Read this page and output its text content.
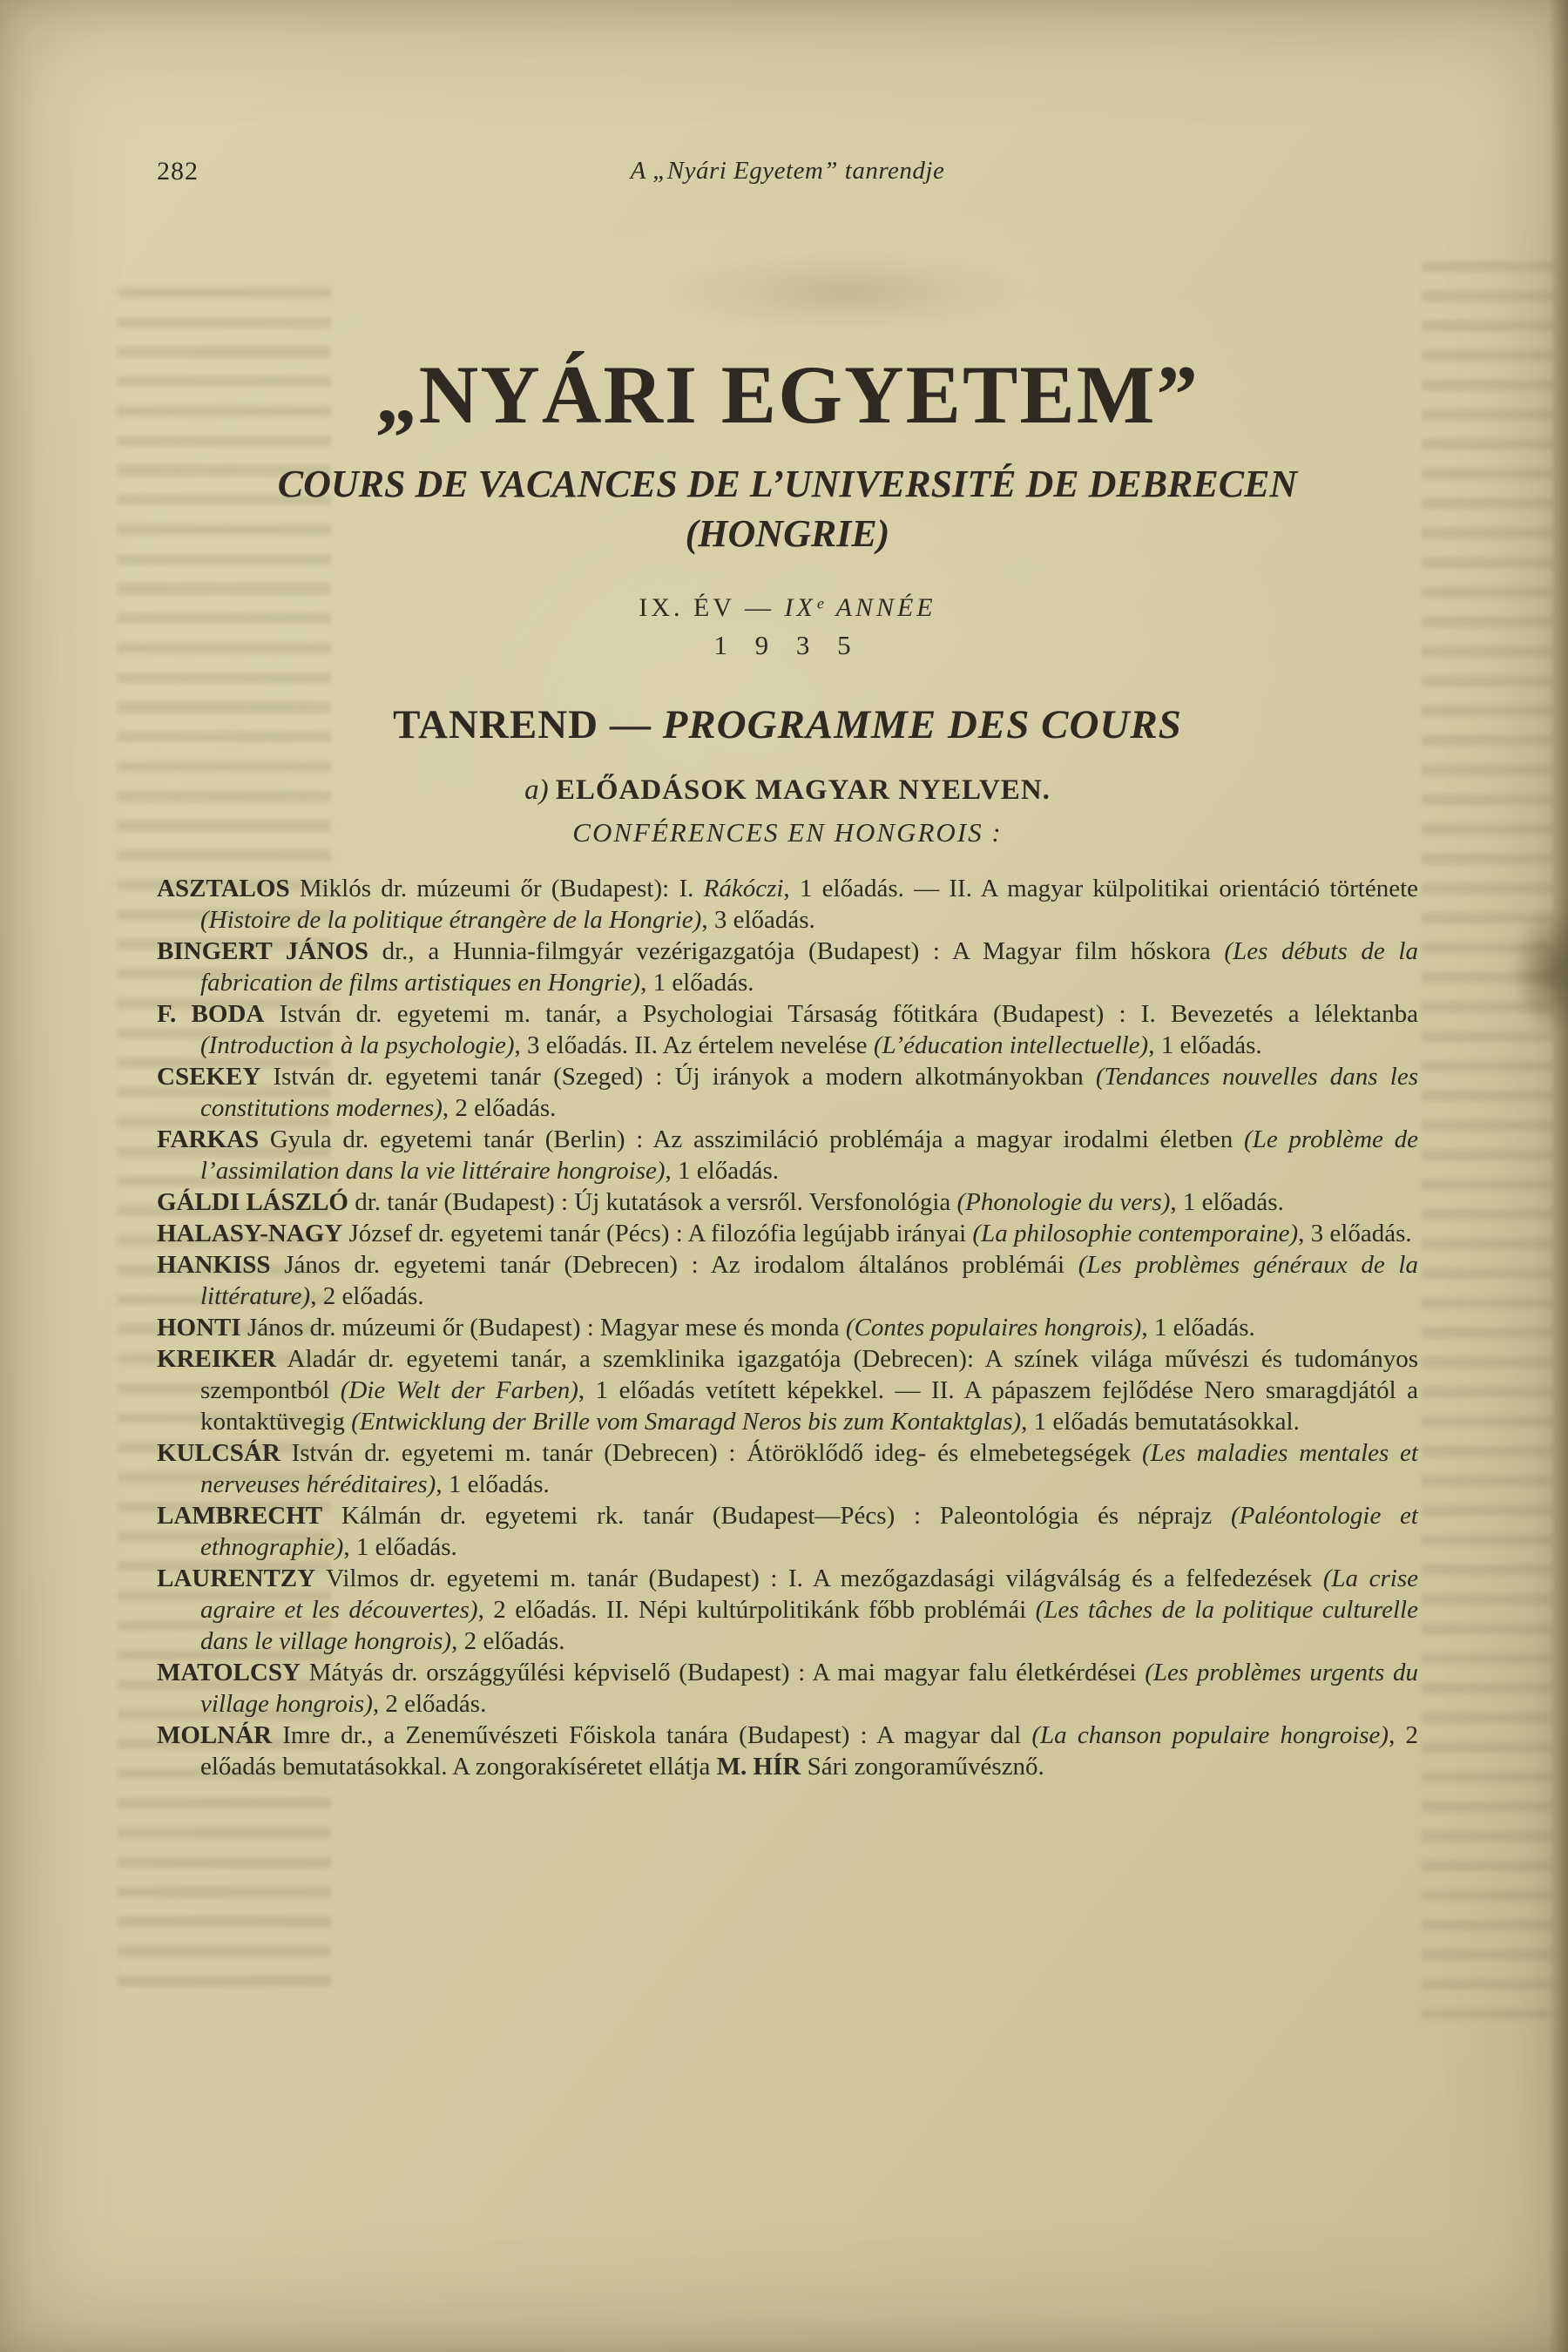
282	A „Nyári Egyetem” tanrendje
„NYÁRI EGYETEM”
COURS DE VACANCES DE L’UNIVERSITÉ DE DEBRECEN
(HONGRIE)
IX. ÉV — IXᵉ ANNÉE
1 9 3 5
TANREND — PROGRAMME DES COURS
a) ELŐADÁSOK MAGYAR NYELVEN.
CONFÉRENCES EN HONGROIS :

ASZTALOS Miklós dr. múzeumi őr (Budapest): I. Rákóczi, 1 előadás. — II. A magyar külpolitikai orientáció története (Histoire de la politique étrangère de la Hongrie), 3 előadás.

BINGERT JÁNOS dr., a Hunnia-filmgyár vezérigazgatója (Budapest) : A Magyar film hőskora (Les débuts de la fabrication de films artistiques en Hongrie), 1 előadás.

F. BODA István dr. egyetemi m. tanár, a Psychologiai Társaság főtitkára (Budapest) : I. Bevezetés a lélektanba (Introduction à la psychologie), 3 előadás. II. Az értelem nevelése (L’éducation intellectuelle), 1 előadás.

CSEKEY István dr. egyetemi tanár (Szeged) : Új irányok a modern alkotmányokban (Tendances nouvelles dans les constitutions modernes), 2 előadás.

FARKAS Gyula dr. egyetemi tanár (Berlin) : Az asszimiláció problémája a magyar irodalmi életben (Le problème de l’assimilation dans la vie littéraire hongroise), 1 előadás.

GÁLDI LÁSZLÓ dr. tanár (Budapest) : Új kutatások a versről. Versfonológia (Phonologie du vers), 1 előadás.

HALASY-NAGY József dr. egyetemi tanár (Pécs) : A filozófia legújabb irányai (La philosophie contemporaine), 3 előadás.

HANKISS János dr. egyetemi tanár (Debrecen) : Az irodalom általános problémái (Les problèmes généraux de la littérature), 2 előadás.

HONTI János dr. múzeumi őr (Budapest) : Magyar mese és monda (Contes populaires hongrois), 1 előadás.

KREIKER Aladár dr. egyetemi tanár, a szemklinika igazgatója (Debrecen): A színek világa művészi és tudományos szempontból (Die Welt der Farben), 1 előadás vetített képekkel. — II. A pápaszem fejlődése Nero smaragdjától a kontaktüvegig (Entwicklung der Brille vom Smaragd Neros bis zum Kontaktglas), 1 előadás bemutatásokkal.

KULCSÁR István dr. egyetemi m. tanár (Debrecen) : Átöröklődő ideg- és elmebetegségek (Les maladies mentales et nerveuses héréditaires), 1 előadás.

LAMBRECHT Kálmán dr. egyetemi rk. tanár (Budapest—Pécs) : Paleontológia és néprajz (Paléontologie et ethnographie), 1 előadás.

LAURENTZY Vilmos dr. egyetemi m. tanár (Budapest) : I. A mezőgazdasági világválság és a felfedezések (La crise agraire et les découvertes), 2 előadás. II. Népi kultúrpolitikánk főbb problémái (Les tâches de la politique culturelle dans le village hongrois), 2 előadás.

MATOLCSY Mátyás dr. országgyűlési képviselő (Budapest) : A mai magyar falu életkérdései (Les problèmes urgents du village hongrois), 2 előadás.

MOLNÁR Imre dr., a Zeneművészeti Főiskola tanára (Budapest) : A magyar dal (La chanson populaire hongroise), 2 előadás bemutatásokkal. A zongorakíséretet ellátja M. HÍR Sári zongoraművésznő.
